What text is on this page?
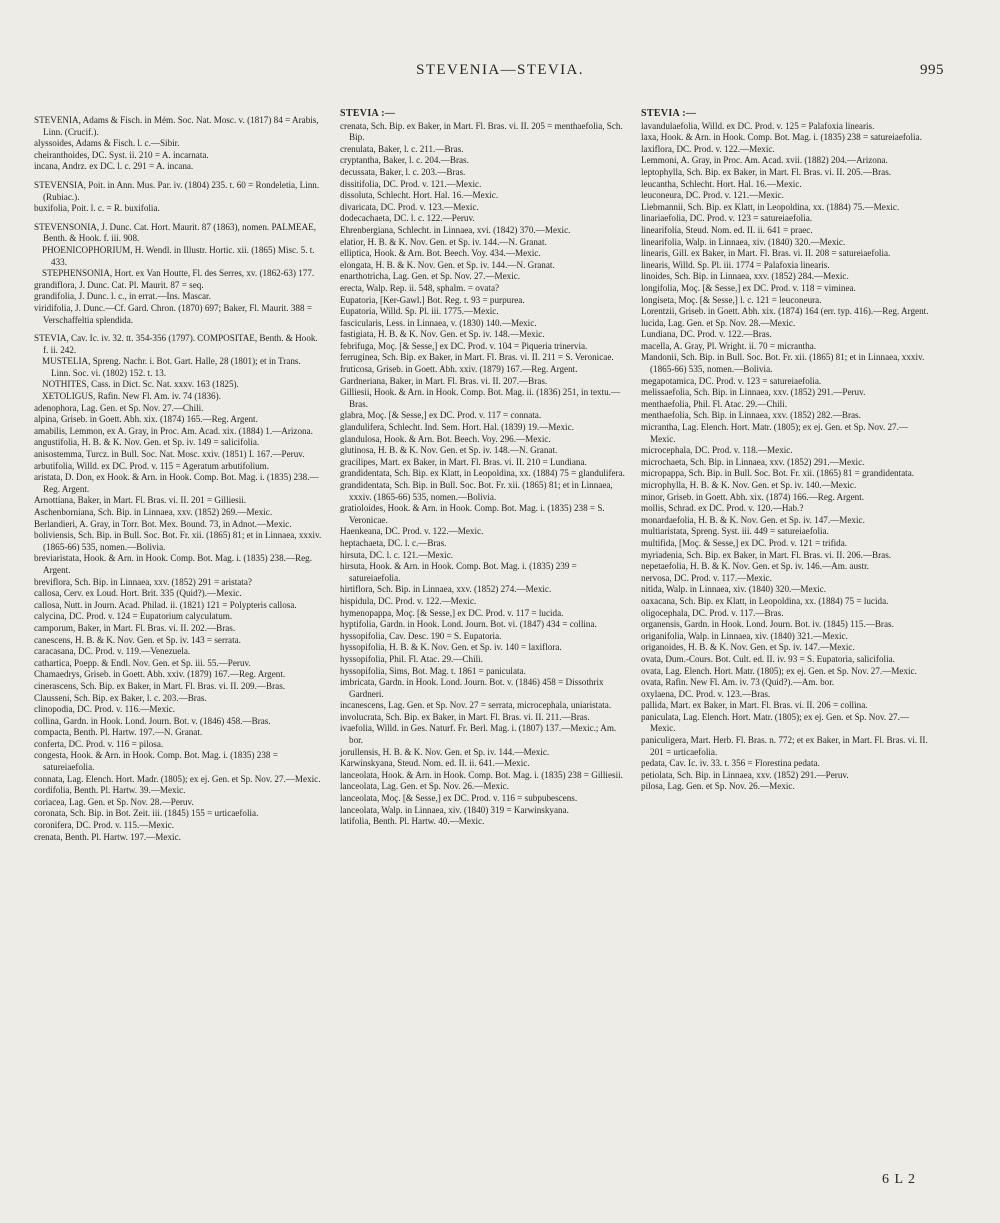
STEVENIA—STEVIA.	995

STEVENIA, Adams & Fisch. in Mém. Soc. Nat. Mosc. v. (1817) 84 = Arabis, Linn. (Crucif.).

alyssoides, Adams & Fisch. l. c.—Sibir.

cheiranthoides, DC. Syst. ii. 210 = A. incarnata.

incana, Andrz. ex DC. l. c. 291 = A. incana.

STEVENSIA, Poit. in Ann. Mus. Par. iv. (1804) 235. t. 60 = Rondeletia, Linn. (Rubiac.).

buxifolia, Poit. l. c. = R. buxifolia.

STEVENSONIA, J. Dunc. Cat. Hort. Maurit. 87 (1863), nomen. PALMEAE, Benth. & Hook. f. iii. 908.

PHOENICOPHORIUM, H. Wendl. in Illustr. Hortic. xii. (1865) Misc. 5. t. 433.

STEPHENSONIA, Hort. ex Van Houtte, Fl. des Serres, xv. (1862-63) 177.

grandiflora, J. Dunc. Cat. Pl. Maurit. 87 = seq.

grandifolia, J. Dunc. l. c., in errat.—Ins. Mascar.

viridifolia, J. Dunc.—Cf. Gard. Chron. (1870) 697; Baker, Fl. Maurit. 388 = Verschaffeltia splendida.

STEVIA, Cav. Ic. iv. 32. tt. 354-356 (1797). COMPOSITAE, Benth. & Hook. f. ii. 242.

MUSTELIA, Spreng. Nachr. i. Bot. Gart. Halle, 28 (1801); et in Trans. Linn. Soc. vi. (1802) 152. t. 13.

NOTHITES, Cass. in Dict. Sc. Nat. xxxv. 163 (1825).

XETOLIGUS, Rafin. New Fl. Am. iv. 74 (1836).

adenophora, Lag. Gen. et Sp. Nov. 27.—Chili.

alpina, Griseb. in Goett. Abh. xix. (1874) 165.—Reg. Argent.

amabilis, Lemmon, ex A. Gray, in Proc. Am. Acad. xix. (1884) 1.—Arizona.

angustifolia, H. B. & K. Nov. Gen. et Sp. iv. 149 = salicifolia.

anisostemma, Turcz. in Bull. Soc. Nat. Mosc. xxiv. (1851) I. 167.—Peruv.

arbutifolia, Willd. ex DC. Prod. v. 115 = Ageratum arbutifolium.

aristata, D. Don, ex Hook. & Arn. in Hook. Comp. Bot. Mag. i. (1835) 238.—Reg. Argent.

Arnottiana, Baker, in Mart. Fl. Bras. vi. II. 201 = Gilliesii.

Aschenborniana, Sch. Bip. in Linnaea, xxv. (1852) 269.—Mexic.

Berlandieri, A. Gray, in Torr. Bot. Mex. Bound. 73, in Adnot.—Mexic.

boliviensis, Sch. Bip. in Bull. Soc. Bot. Fr. xii. (1865) 81; et in Linnaea, xxxiv. (1865-66) 535, nomen.—Bolivia.

breviaristata, Hook. & Arn. in Hook. Comp. Bot. Mag. i. (1835) 238.—Reg. Argent.

breviflora, Sch. Bip. in Linnaea, xxv. (1852) 291 = aristata?

callosa, Cerv. ex Loud. Hort. Brit. 335 (Quid?).—Mexic.

callosa, Nutt. in Journ. Acad. Philad. ii. (1821) 121 = Polypteris callosa.

calycina, DC. Prod. v. 124 = Eupatorium calyculatum.

camporum, Baker, in Mart. Fl. Bras. vi. II. 202.—Bras.

canescens, H. B. & K. Nov. Gen. et Sp. iv. 143 = serrata.

caracasana, DC. Prod. v. 119.—Venezuela.

cathartica, Poepp. & Endl. Nov. Gen. et Sp. iii. 55.—Peruv.

Chamaedrys, Griseb. in Goett. Abh. xxiv. (1879) 167.—Reg. Argent.

cinerascens, Sch. Bip. ex Baker, in Mart. Fl. Bras. vi. II. 209.—Bras.

Clausseni, Sch. Bip. ex Baker, l. c. 203.—Bras.

clinopodia, DC. Prod. v. 116.—Mexic.

collina, Gardn. in Hook. Lond. Journ. Bot. v. (1846) 458.—Bras.

compacta, Benth. Pl. Hartw. 197.—N. Granat.

conferta, DC. Prod. v. 116 = pilosa.

congesta, Hook. & Arn. in Hook. Comp. Bot. Mag. i. (1835) 238 = satureiaefolia.

connata, Lag. Elench. Hort. Madr. (1805); ex ej. Gen. et Sp. Nov. 27.—Mexic.

cordifolia, Benth. Pl. Hartw. 39.—Mexic.

coriacea, Lag. Gen. et Sp. Nov. 28.—Peruv.

coronata, Sch. Bip. in Bot. Zeit. iii. (1845) 155 = urticaefolia.

coronifera, DC. Prod. v. 115.—Mexic.

crenata, Benth. Pl. Hartw. 197.—Mexic.

STEVIA :—

crenata, Sch. Bip. ex Baker, in Mart. Fl. Bras. vi. II. 205 = menthaefolia, Sch. Bip.

crenulata, Baker, l. c. 211.—Bras.

cryptantha, Baker, l. c. 204.—Bras.

decussata, Baker, l. c. 203.—Bras.

dissitifolia, DC. Prod. v. 121.—Mexic.

dissoluta, Schlecht. Hort. Hal. 16.—Mexic.

divaricata, DC. Prod. v. 123.—Mexic.

dodecachaeta, DC. l. c. 122.—Peruv.

Ehrenbergiana, Schlecht. in Linnaea, xvi. (1842) 370.—Mexic.

elatior, H. B. & K. Nov. Gen. et Sp. iv. 144.—N. Granat.

elliptica, Hook. & Arn. Bot. Beech. Voy. 434.—Mexic.

elongata, H. B. & K. Nov. Gen. et Sp. iv. 144.—N. Granat.

enarthotricha, Lag. Gen. et Sp. Nov. 27.—Mexic.

erecta, Walp. Rep. ii. 548, sphalm. = ovata?

Eupatoria, [Ker-Gawl.] Bot. Reg. t. 93 = purpurea.

Eupatoria, Willd. Sp. Pl. iii. 1775.—Mexic.

fascicularis, Less. in Linnaea, v. (1830) 140.—Mexic.

fastigiata, H. B. & K. Nov. Gen. et Sp. iv. 148.—Mexic.

febrifuga, Moç. [& Sesse,] ex DC. Prod. v. 104 = Piqueria trinervia.

ferruginea, Sch. Bip. ex Baker, in Mart. Fl. Bras. vi. II. 211 = S. Veronicae.

fruticosa, Griseb. in Goett. Abh. xxiv. (1879) 167.—Reg. Argent.

Gardneriana, Baker, in Mart. Fl. Bras. vi. II. 207.—Bras.

Gilliesii, Hook. & Arn. in Hook. Comp. Bot. Mag. ii. (1836) 251, in textu.—Bras.

glabra, Moç. [& Sesse,] ex DC. Prod. v. 117 = connata.

glandulifera, Schlecht. Ind. Sem. Hort. Hal. (1839) 19.—Mexic.

glandulosa, Hook. & Arn. Bot. Beech. Voy. 296.—Mexic.

glutinosa, H. B. & K. Nov. Gen. et Sp. iv. 148.—N. Granat.

gracilipes, Mart. ex Baker, in Mart. Fl. Bras. vi. II. 210 = Lundiana.

grandidentata, Sch. Bip. ex Klatt, in Leopoldina, xx. (1884) 75 = glandulifera.

grandidentata, Sch. Bip. in Bull. Soc. Bot. Fr. xii. (1865) 81; et in Linnaea, xxxiv. (1865-66) 535, nomen.—Bolivia.

gratioloides, Hook. & Arn. in Hook. Comp. Bot. Mag. i. (1835) 238 = S. Veronicae.

Haenkeana, DC. Prod. v. 122.—Mexic.

heptachaeta, DC. l. c.—Bras.

hirsuta, DC. l. c. 121.—Mexic.

hirsuta, Hook. & Arn. in Hook. Comp. Bot. Mag. i. (1835) 239 = satureiaefolia.

hirtiflora, Sch. Bip. in Linnaea, xxv. (1852) 274.—Mexic.

hispidula, DC. Prod. v. 122.—Mexic.

hymenopappa, Moç. [& Sesse,] ex DC. Prod. v. 117 = lucida.

hyptifolia, Gardn. in Hook. Lond. Journ. Bot. vi. (1847) 434 = collina.

hyssopifolia, Cav. Desc. 190 = S. Eupatoria.

hyssopifolia, H. B. & K. Nov. Gen. et Sp. iv. 140 = laxiflora.

hyssopifolia, Phil. Fl. Atac. 29.—Chili.

hyssopifolia, Sims, Bot. Mag. t. 1861 = paniculata.

imbricata, Gardn. in Hook. Lond. Journ. Bot. v. (1846) 458 = Dissothrix Gardneri.

incanescens, Lag. Gen. et Sp. Nov. 27 = serrata, microcephala, uniaristata.

involucrata, Sch. Bip. ex Baker, in Mart. Fl. Bras. vi. II. 211.—Bras.

ivaefolia, Willd. in Ges. Naturf. Fr. Berl. Mag. i. (1807) 137.—Mexic.; Am. bor.

jorullensis, H. B. & K. Nov. Gen. et Sp. iv. 144.—Mexic.

Karwinskyana, Steud. Nom. ed. II. ii. 641.—Mexic.

lanceolata, Hook. & Arn. in Hook. Comp. Bot. Mag. i. (1835) 238 = Gilliesii.

lanceolata, Lag. Gen. et Sp. Nov. 26.—Mexic.

lanceolata, Moç. [& Sesse,] ex DC. Prod. v. 116 = subpubescens.

lanceolata, Walp. in Linnaea, xiv. (1840) 319 = Karwinskyana.

latifolia, Benth. Pl. Hartw. 40.—Mexic.

STEVIA :—

lavandulaefolia, Willd. ex DC. Prod. v. 125 = Palafoxia linearis.

laxa, Hook. & Arn. in Hook. Comp. Bot. Mag. i. (1835) 238 = satureiaefolia.

laxiflora, DC. Prod. v. 122.—Mexic.

Lemmoni, A. Gray, in Proc. Am. Acad. xvii. (1882) 204.—Arizona.

leptophylla, Sch. Bip. ex Baker, in Mart. Fl. Bras. vi. II. 205.—Bras.

leucantha, Schlecht. Hort. Hal. 16.—Mexic.

leuconeura, DC. Prod. v. 121.—Mexic.

Liebmannii, Sch. Bip. ex Klatt, in Leopoldina, xx. (1884) 75.—Mexic.

linariaefolia, DC. Prod. v. 123 = satureiaefolia.

linearifolia, Steud. Nom. ed. II. ii. 641 = praec.

linearifolia, Walp. in Linnaea, xiv. (1840) 320.—Mexic.

linearis, Gill. ex Baker, in Mart. Fl. Bras. vi. II. 208 = satureiaefolia.

linearis, Willd. Sp. Pl. iii. 1774 = Palafoxia linearis.

linoides, Sch. Bip. in Linnaea, xxv. (1852) 284.—Mexic.

longifolia, Moç. [& Sesse,] ex DC. Prod. v. 118 = viminea.

longiseta, Moç. [& Sesse,] l. c. 121 = leuconeura.

Lorentzii, Griseb. in Goett. Abh. xix. (1874) 164 (err. typ. 416).—Reg. Argent.

lucida, Lag. Gen. et Sp. Nov. 28.—Mexic.

Lundiana, DC. Prod. v. 122.—Bras.

macella, A. Gray, Pl. Wright. ii. 70 = micrantha.

Mandonii, Sch. Bip. in Bull. Soc. Bot. Fr. xii. (1865) 81; et in Linnaea, xxxiv. (1865-66) 535, nomen.—Bolivia.

megapotamica, DC. Prod. v. 123 = satureiaefolia.

melissaefolia, Sch. Bip. in Linnaea, xxv. (1852) 291.—Peruv.

menthaefolia, Phil. Fl. Atac. 29.—Chili.

menthaefolia, Sch. Bip. in Linnaea, xxv. (1852) 282.—Bras.

micrantha, Lag. Elench. Hort. Matr. (1805); ex ej. Gen. et Sp. Nov. 27.—Mexic.

microcephala, DC. Prod. v. 118.—Mexic.

microchaeta, Sch. Bip. in Linnaea, xxv. (1852) 291.—Mexic.

micropappa, Sch. Bip. in Bull. Soc. Bot. Fr. xii. (1865) 81 = grandidentata.

microphylla, H. B. & K. Nov. Gen. et Sp. iv. 140.—Mexic.

minor, Griseb. in Goett. Abh. xix. (1874) 166.—Reg. Argent.

mollis, Schrad. ex DC. Prod. v. 120.—Hab.?

monardaefolia, H. B. & K. Nov. Gen. et Sp. iv. 147.—Mexic.

multiaristata, Spreng. Syst. iii. 449 = satureiaefolia.

multifida, [Moç. & Sesse,] ex DC. Prod. v. 121 = trifida.

myriadenia, Sch. Bip. ex Baker, in Mart. Fl. Bras. vi. II. 206.—Bras.

nepetaefolia, H. B. & K. Nov. Gen. et Sp. iv. 146.—Am. austr.

nervosa, DC. Prod. v. 117.—Mexic.

nitida, Walp. in Linnaea, xiv. (1840) 320.—Mexic.

oaxacana, Sch. Bip. ex Klatt, in Leopoldina, xx. (1884) 75 = lucida.

oligocephala, DC. Prod. v. 117.—Bras.

organensis, Gardn. in Hook. Lond. Journ. Bot. iv. (1845) 115.—Bras.

origanifolia, Walp. in Linnaea, xiv. (1840) 321.—Mexic.

origanoides, H. B. & K. Nov. Gen. et Sp. iv. 147.—Mexic.

ovata, Dum.-Cours. Bot. Cult. ed. II. iv. 93 = S. Eupatoria, salicifolia.

ovata, Lag. Elench. Hort. Matr. (1805); ex ej. Gen. et Sp. Nov. 27.—Mexic.

ovata, Rafin. New Fl. Am. iv. 73 (Quid?).—Am. bor.

oxylaena, DC. Prod. v. 123.—Bras.

pallida, Mart. ex Baker, in Mart. Fl. Bras. vi. II. 206 = collina.

paniculata, Lag. Elench. Hort. Matr. (1805); ex ej. Gen. et Sp. Nov. 27.—Mexic.

paniculigera, Mart. Herb. Fl. Bras. n. 772; et ex Baker, in Mart. Fl. Bras. vi. II. 201 = urticaefolia.

pedata, Cav. Ic. iv. 33. t. 356 = Florestina pedata.

petiolata, Sch. Bip. in Linnaea, xxv. (1852) 291.—Peruv.

pilosa, Lag. Gen. et Sp. Nov. 26.—Mexic.

6 L 2
